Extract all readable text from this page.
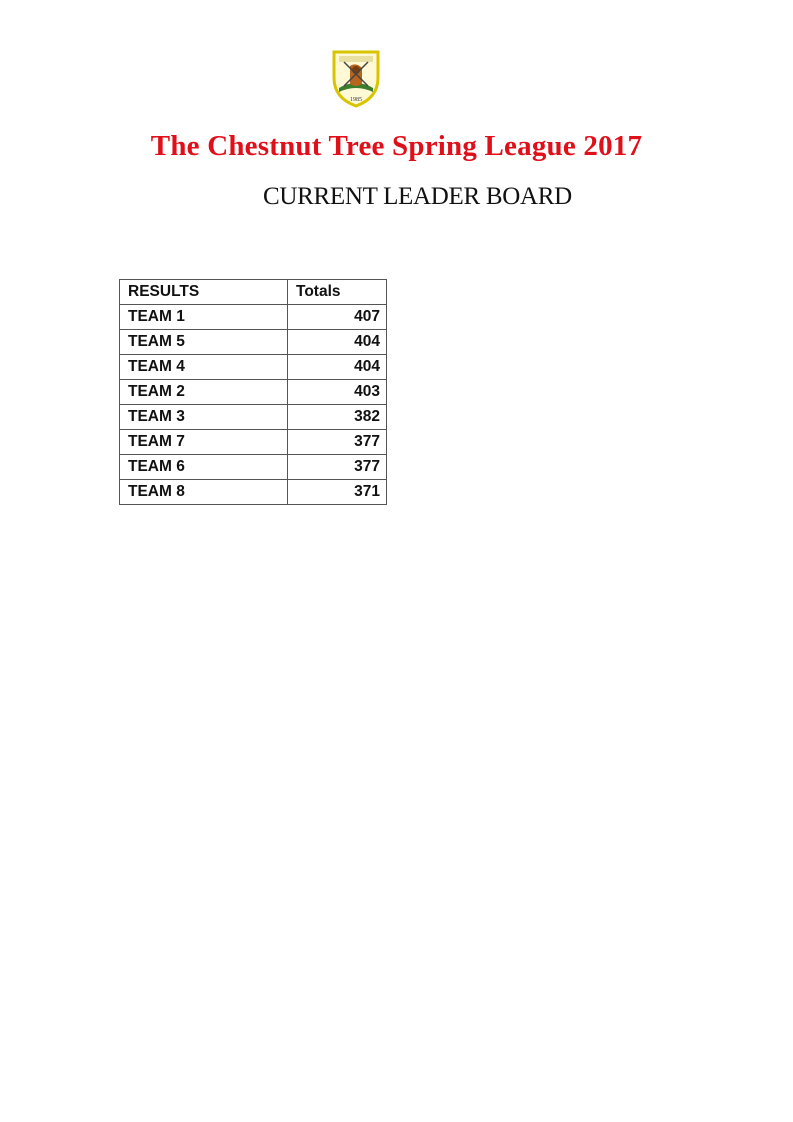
1985
The Chestnut Tree Spring League 2017
CURRENT LEADER BOARD
RESULTS	Totals
TEAM 1	407
TEAM 5	404
TEAM 4	404
TEAM 2	403
TEAM 3	382
TEAM 7	377
TEAM 6	377
TEAM 8	371
